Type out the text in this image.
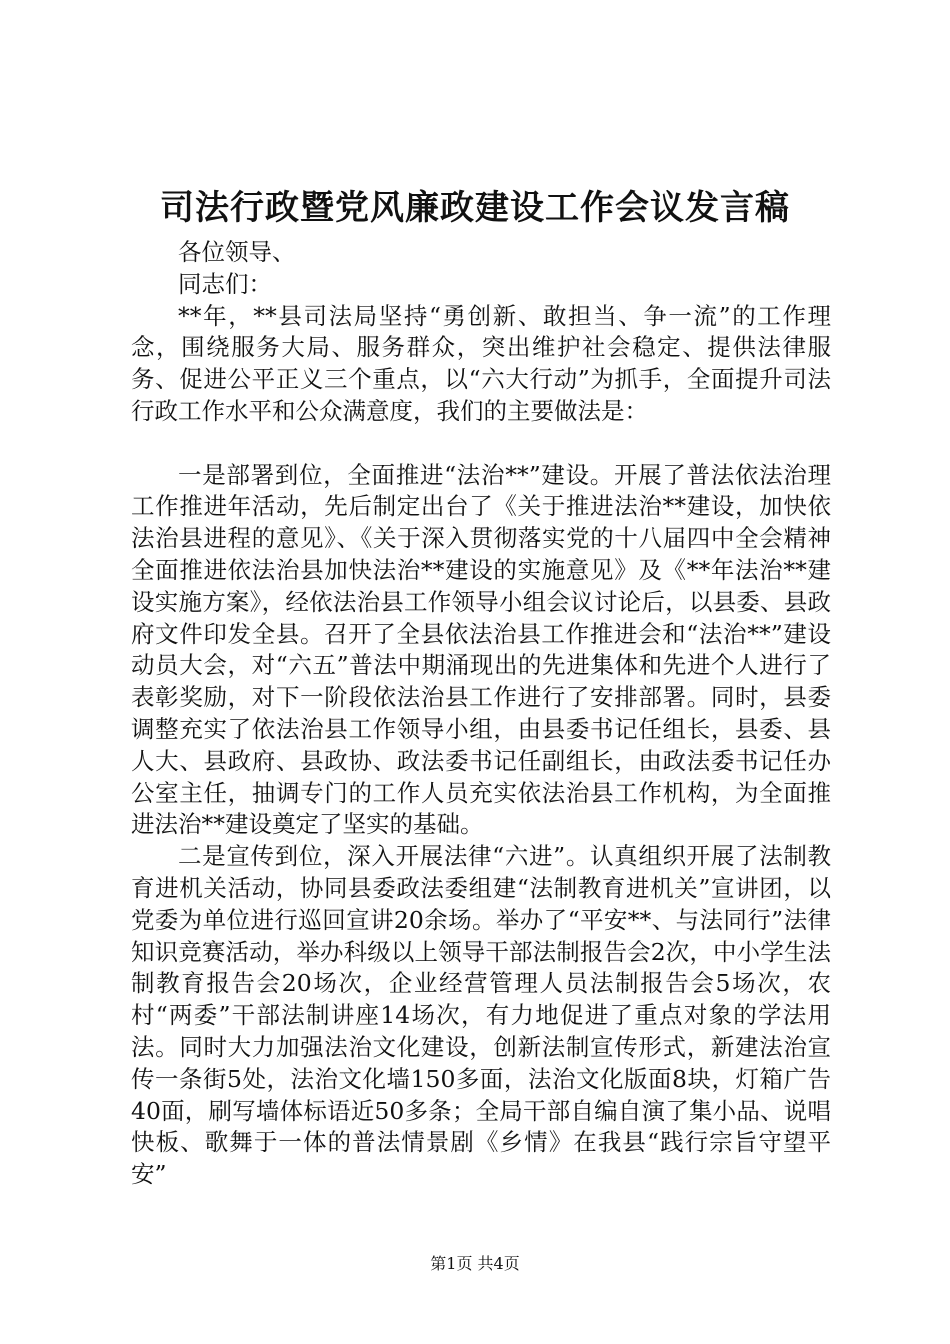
司法行政暨党风廉政建设工作会议发言稿

各位领导、

同志们：

**年，**县司法局坚持“勇创新、敢担当、争一流”的工作理念，围绕服务大局、服务群众，突出维护社会稳定、提供法律服务、促进公平正义三个重点，以“六大行动”为抓手，全面提升司法行政工作水平和公众满意度，我们的主要做法是：

一是部署到位，全面推进“法治**”建设。开展了普法依法治理工作推进年活动，先后制定出台了《关于推进法治**建设，加快依法治县进程的意见》、《关于深入贯彻落实党的十八届四中全会精神全面推进依法治县加快法治**建设的实施意见》及《**年法治**建设实施方案》，经依法治县工作领导小组会议讨论后，以县委、县政府文件印发全县。召开了全县依法治县工作推进会和“法治**”建设动员大会，对“六五”普法中期涌现出的先进集体和先进个人进行了表彰奖励，对下一阶段依法治县工作进行了安排部署。同时，县委调整充实了依法治县工作领导小组，由县委书记任组长，县委、县人大、县政府、县政协、政法委书记任副组长，由政法委书记任办公室主任，抽调专门的工作人员充实依法治县工作机构，为全面推进法治**建设奠定了坚实的基础。

二是宣传到位，深入开展法律“六进”。认真组织开展了法制教育进机关活动，协同县委政法委组建“法制教育进机关”宣讲团，以党委为单位进行巡回宣讲20余场。举办了“平安**、与法同行”法律知识竞赛活动，举办科级以上领导干部法制报告会2次，中小学生法制教育报告会20场次，企业经营管理人员法制报告会5场次，农村“两委”干部法制讲座14场次，有力地促进了重点对象的学法用法。同时大力加强法治文化建设，创新法制宣传形式，新建法治宣传一条街5处，法治文化墙150多面，法治文化版面8块，灯箱广告40面，刷写墙体标语近50多条；全局干部自编自演了集小品、说唱快板、歌舞于一体的普法情景剧《乡情》在我县“践行宗旨守望平安”

第1页 共4页
